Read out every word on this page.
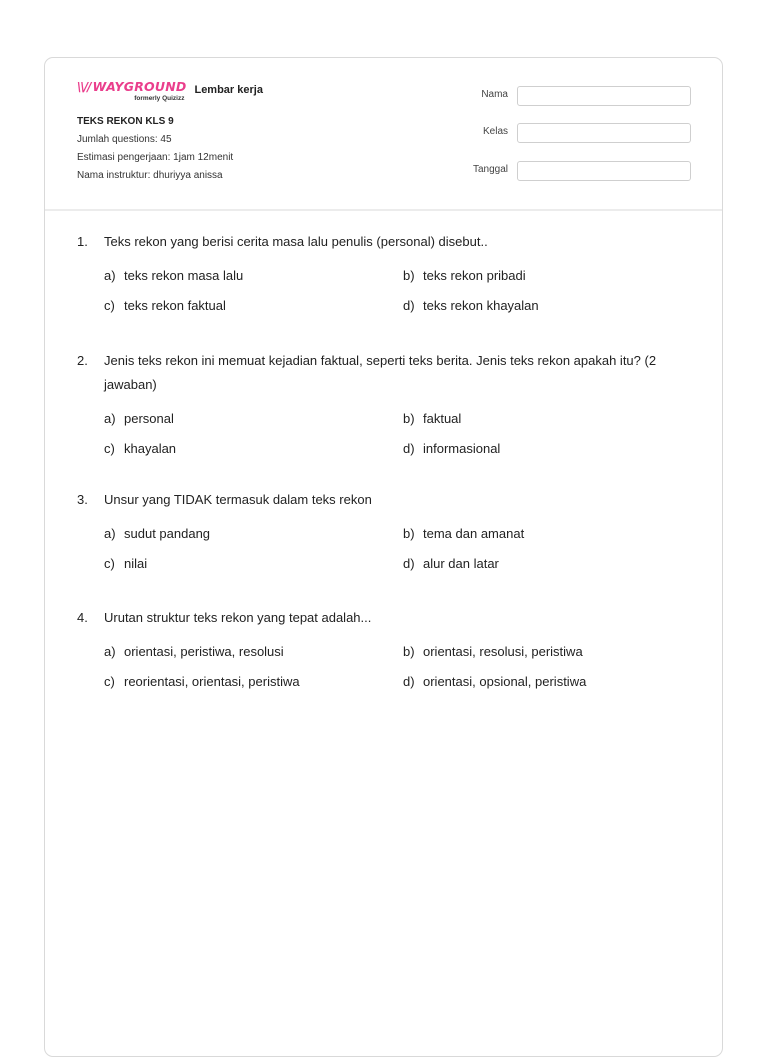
\\// WAYGROUND
formerly Quizizz
Lembar kerja
TEKS REKON KLS 9
Jumlah questions: 45
Estimasi pengerjaan: 1jam 12menit
Nama instruktur: dhuriyya anissa
Nama
Kelas
Tanggal
1.	Teks rekon yang berisi cerita masa lalu penulis (personal) disebut..
a) teks rekon masa lalu	b) teks rekon pribadi
c) teks rekon faktual	d) teks rekon khayalan
2.	Jenis teks rekon ini memuat kejadian faktual, seperti teks berita. Jenis teks rekon apakah itu? (2 jawaban)
a) personal	b) faktual
c) khayalan	d) informasional
3.	Unsur yang TIDAK termasuk dalam teks rekon
a) sudut pandang	b) tema dan amanat
c) nilai	d) alur dan latar
4.	Urutan struktur teks rekon yang tepat adalah...
a) orientasi, peristiwa, resolusi	b) orientasi, resolusi, peristiwa
c) reorientasi, orientasi, peristiwa	d) orientasi, opsional, peristiwa
